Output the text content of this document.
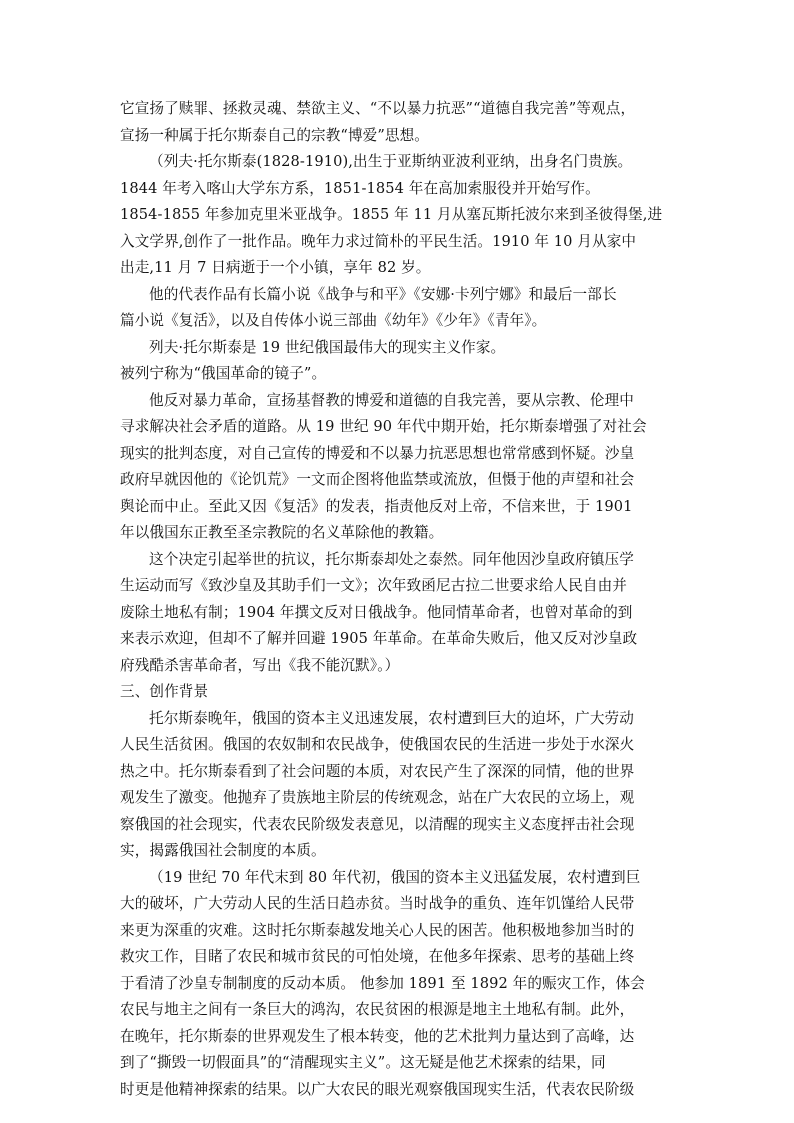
它宣扬了赎罪、拯救灵魂、禁欲主义、“不以暴力抗恶”“道德自我完善”等观点，
宣扬一种属于托尔斯泰自己的宗教“博爱”思想。
（列夫·托尔斯泰(1828-1910),出生于亚斯纳亚波利亚纳，出身名门贵族。
1844 年考入喀山大学东方系，1851-1854 年在高加索服役并开始写作。
1854-1855 年参加克里米亚战争。1855 年 11 月从塞瓦斯托波尔来到圣彼得堡,进
入文学界,创作了一批作品。晚年力求过简朴的平民生活。1910 年 10 月从家中
出走,11 月 7 日病逝于一个小镇，享年 82 岁。
他的代表作品有长篇小说《战争与和平》《安娜·卡列宁娜》和最后一部长
篇小说《复活》，以及自传体小说三部曲《幼年》《少年》《青年》。
列夫·托尔斯泰是 19 世纪俄国最伟大的现实主义作家。
被列宁称为“俄国革命的镜子”。
他反对暴力革命，宣扬基督教的博爱和道德的自我完善，要从宗教、伦理中
寻求解决社会矛盾的道路。从 19 世纪 90 年代中期开始，托尔斯泰增强了对社会
现实的批判态度，对自己宣传的博爱和不以暴力抗恶思想也常常感到怀疑。沙皇
政府早就因他的《论饥荒》一文而企图将他监禁或流放，但慑于他的声望和社会
舆论而中止。至此又因《复活》的发表，指责他反对上帝，不信来世，于 1901
年以俄国东正教至圣宗教院的名义革除他的教籍。
这个决定引起举世的抗议，托尔斯泰却处之泰然。同年他因沙皇政府镇压学
生运动而写《致沙皇及其助手们一文》；次年致函尼古拉二世要求给人民自由并
废除土地私有制；1904 年撰文反对日俄战争。他同情革命者，也曾对革命的到
来表示欢迎，但却不了解并回避 1905 年革命。在革命失败后，他又反对沙皇政
府残酷杀害革命者，写出《我不能沉默》。）
三、创作背景
托尔斯泰晚年，俄国的资本主义迅速发展，农村遭到巨大的迫坏，广大劳动
人民生活贫困。俄国的农奴制和农民战争，使俄国农民的生活进一步处于水深火
热之中。托尔斯泰看到了社会问题的本质，对农民产生了深深的同情，他的世界
观发生了激变。他抛弃了贵族地主阶层的传统观念，站在广大农民的立场上，观
察俄国的社会现实，代表农民阶级发表意见，以清醒的现实主义态度抨击社会现
实，揭露俄国社会制度的本质。
（19 世纪 70 年代末到 80 年代初，俄国的资本主义迅猛发展，农村遭到巨
大的破坏，广大劳动人民的生活日趋赤贫。当时战争的重负、连年饥馑给人民带
来更为深重的灾难。这时托尔斯泰越发地关心人民的困苦。他积极地参加当时的
救灾工作，目睹了农民和城市贫民的可怕处境，在他多年探索、思考的基础上终
于看清了沙皇专制制度的反动本质。 他参加 1891 至 1892 年的赈灾工作，体会
农民与地主之间有一条巨大的鸿沟，农民贫困的根源是地主土地私有制。此外，
在晚年，托尔斯泰的世界观发生了根本转变，他的艺术批判力量达到了高峰，达
到了“撕毁一切假面具”的“清醒现实主义”。这无疑是他艺术探索的结果，同
时更是他精神探索的结果。以广大农民的眼光观察俄国现实生活，代表农民阶级
